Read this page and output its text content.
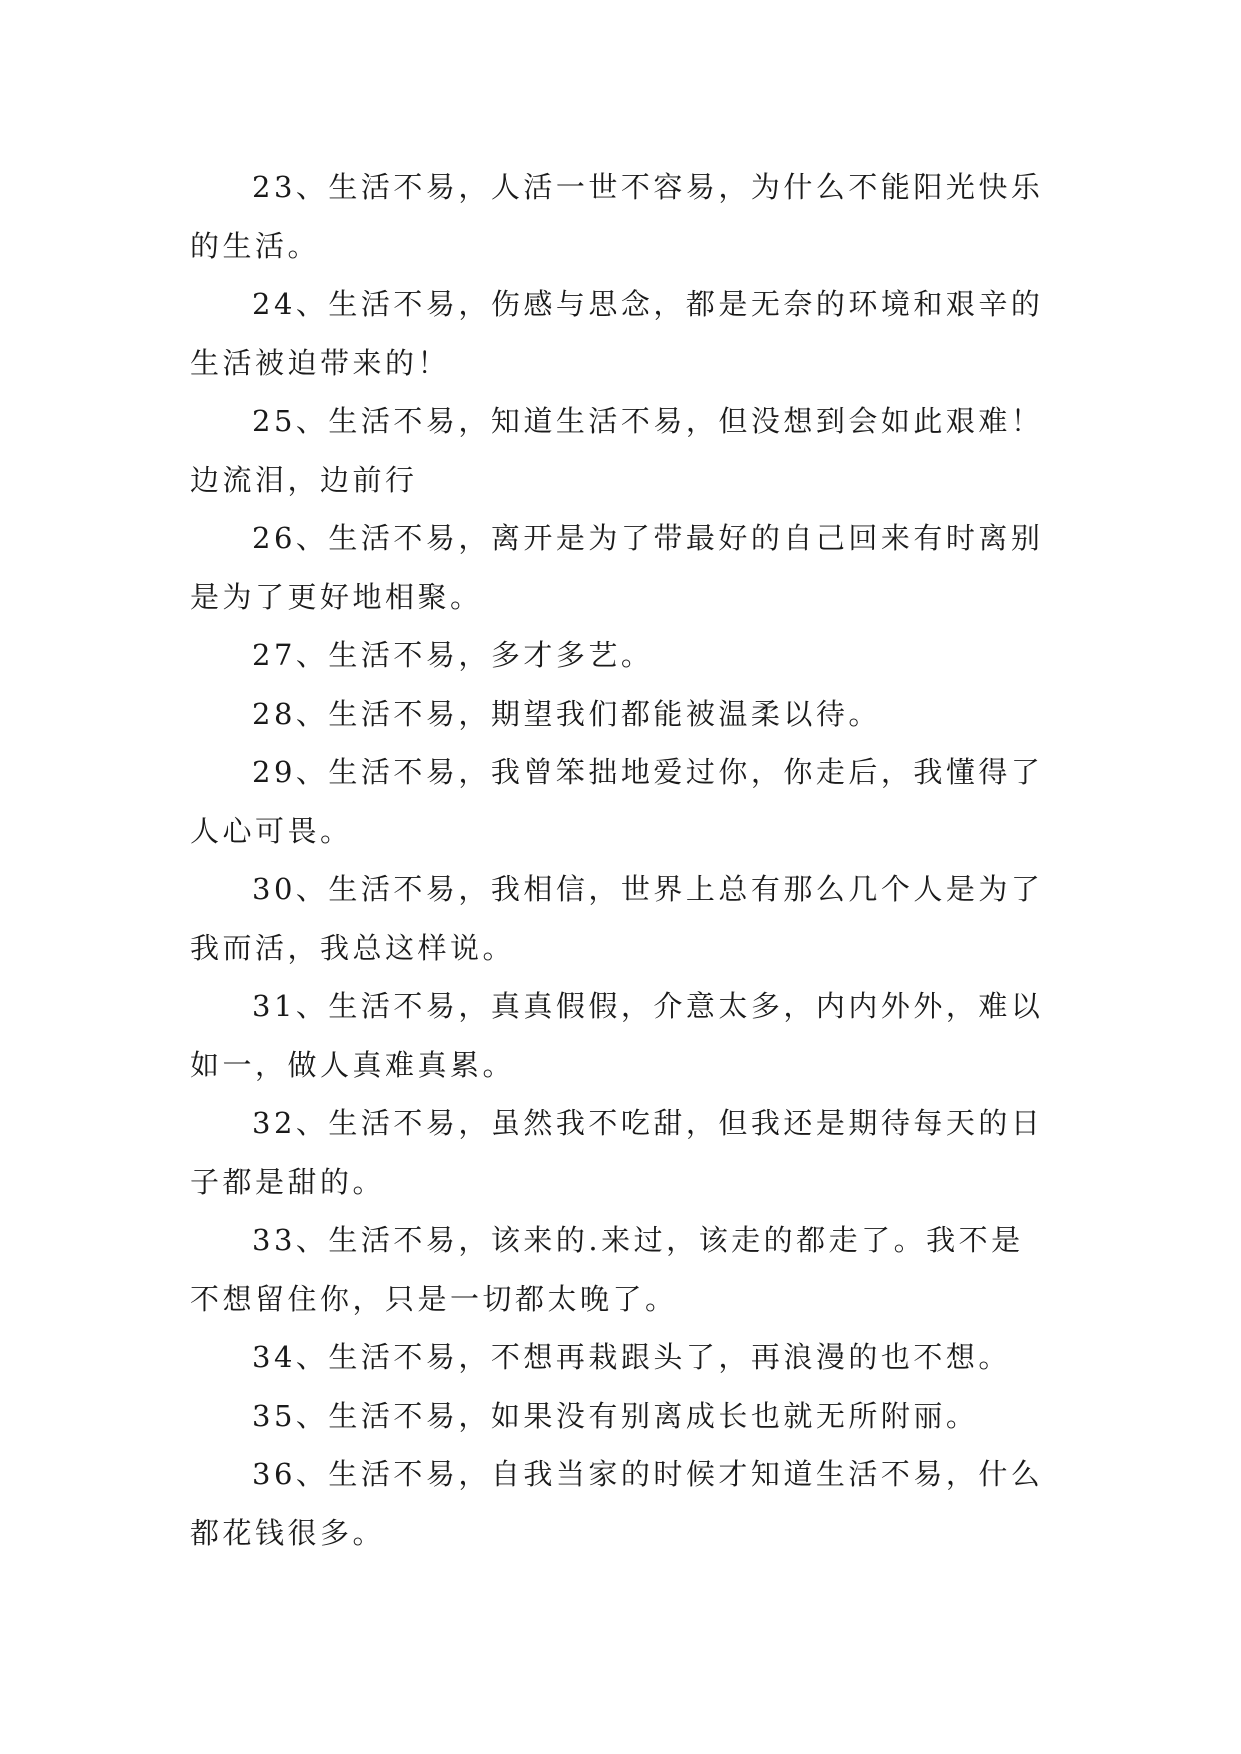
23、生活不易，人活一世不容易，为什么不能阳光快乐的生活。

24、生活不易，伤感与思念，都是无奈的环境和艰辛的生活被迫带来的！

25、生活不易，知道生活不易，但没想到会如此艰难！边流泪，边前行

26、生活不易，离开是为了带最好的自己回来有时离别是为了更好地相聚。

27、生活不易，多才多艺。

28、生活不易，期望我们都能被温柔以待。

29、生活不易，我曾笨拙地爱过你，你走后，我懂得了人心可畏。

30、生活不易，我相信，世界上总有那么几个人是为了我而活，我总这样说。

31、生活不易，真真假假，介意太多，内内外外，难以如一，做人真难真累。

32、生活不易，虽然我不吃甜，但我还是期待每天的日子都是甜的。

33、生活不易，该来的.来过，该走的都走了。我不是不想留住你，只是一切都太晚了。

34、生活不易，不想再栽跟头了，再浪漫的也不想。

35、生活不易，如果没有别离成长也就无所附丽。

36、生活不易，自我当家的时候才知道生活不易，什么都花钱很多。
